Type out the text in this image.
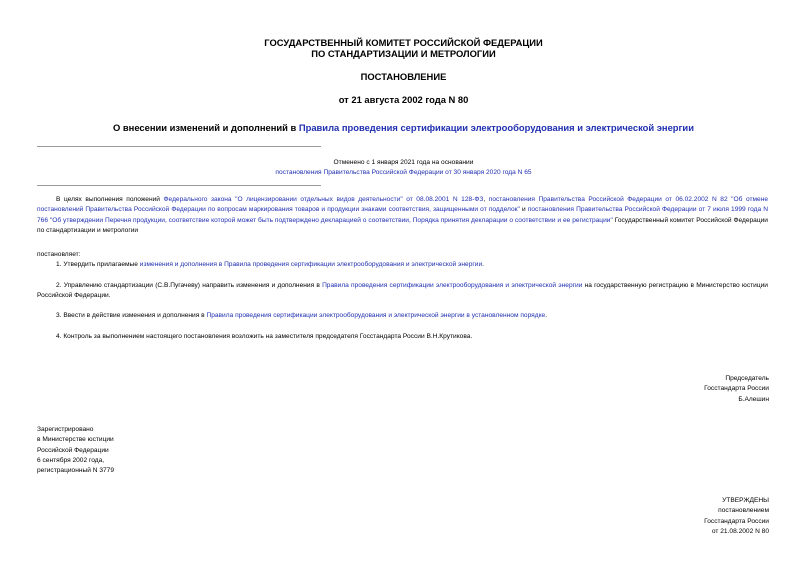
ГОСУДАРСТВЕННЫЙ КОМИТЕТ РОССИЙСКОЙ ФЕДЕРАЦИИ
ПО СТАНДАРТИЗАЦИИ И МЕТРОЛОГИИ
ПОСТАНОВЛЕНИЕ
от 21 августа 2002 года N 80
О внесении изменений и дополнений в Правила проведения сертификации электрооборудования и электрической энергии
Отменено с 1 января 2021 года на основании
постановления Правительства Российской Федерации от 30 января 2020 года N 65
В целях выполнения положений Федерального закона "О лицензировании отдельных видов деятельности" от 08.08.2001 N 128-ФЗ, постановления Правительства Российской Федерации от 06.02.2002 N 82 "Об отмене постановлений Правительства Российской Федерации по вопросам маркирования товаров и продукции знаками соответствия, защищенными от подделок" и постановления Правительства Российской Федерации от 7 июля 1999 года N 766 "Об утверждении Перечня продукции, соответствие которой может быть подтверждено декларацией о соответствии, Порядка принятия декларации о соответствии и ее регистрации" Государственный комитет Российской Федерации по стандартизации и метрологии
постановляет:
1. Утвердить прилагаемые изменения и дополнения в Правила проведения сертификации электрооборудования и электрической энергии.
2. Управлению стандартизации (С.В.Пугачеву) направить изменения и дополнения в Правила проведения сертификации электрооборудования и электрической энергии на государственную регистрацию в Министерство юстиции Российской Федерации.
3. Ввести в действие изменения и дополнения в Правила проведения сертификации электрооборудования и электрической энергии в установленном порядке.
4. Контроль за выполнением настоящего постановления возложить на заместителя председателя Госстандарта России В.Н.Крутикова.
Председатель
Госстандарта России
Б.Алешин
Зарегистрировано
в Министерстве юстиции
Российской Федерации
6 сентября 2002 года,
регистрационный N 3779
УТВЕРЖДЕНЫ
постановлением
Госстандарта России
от 21.08.2002 N 80
